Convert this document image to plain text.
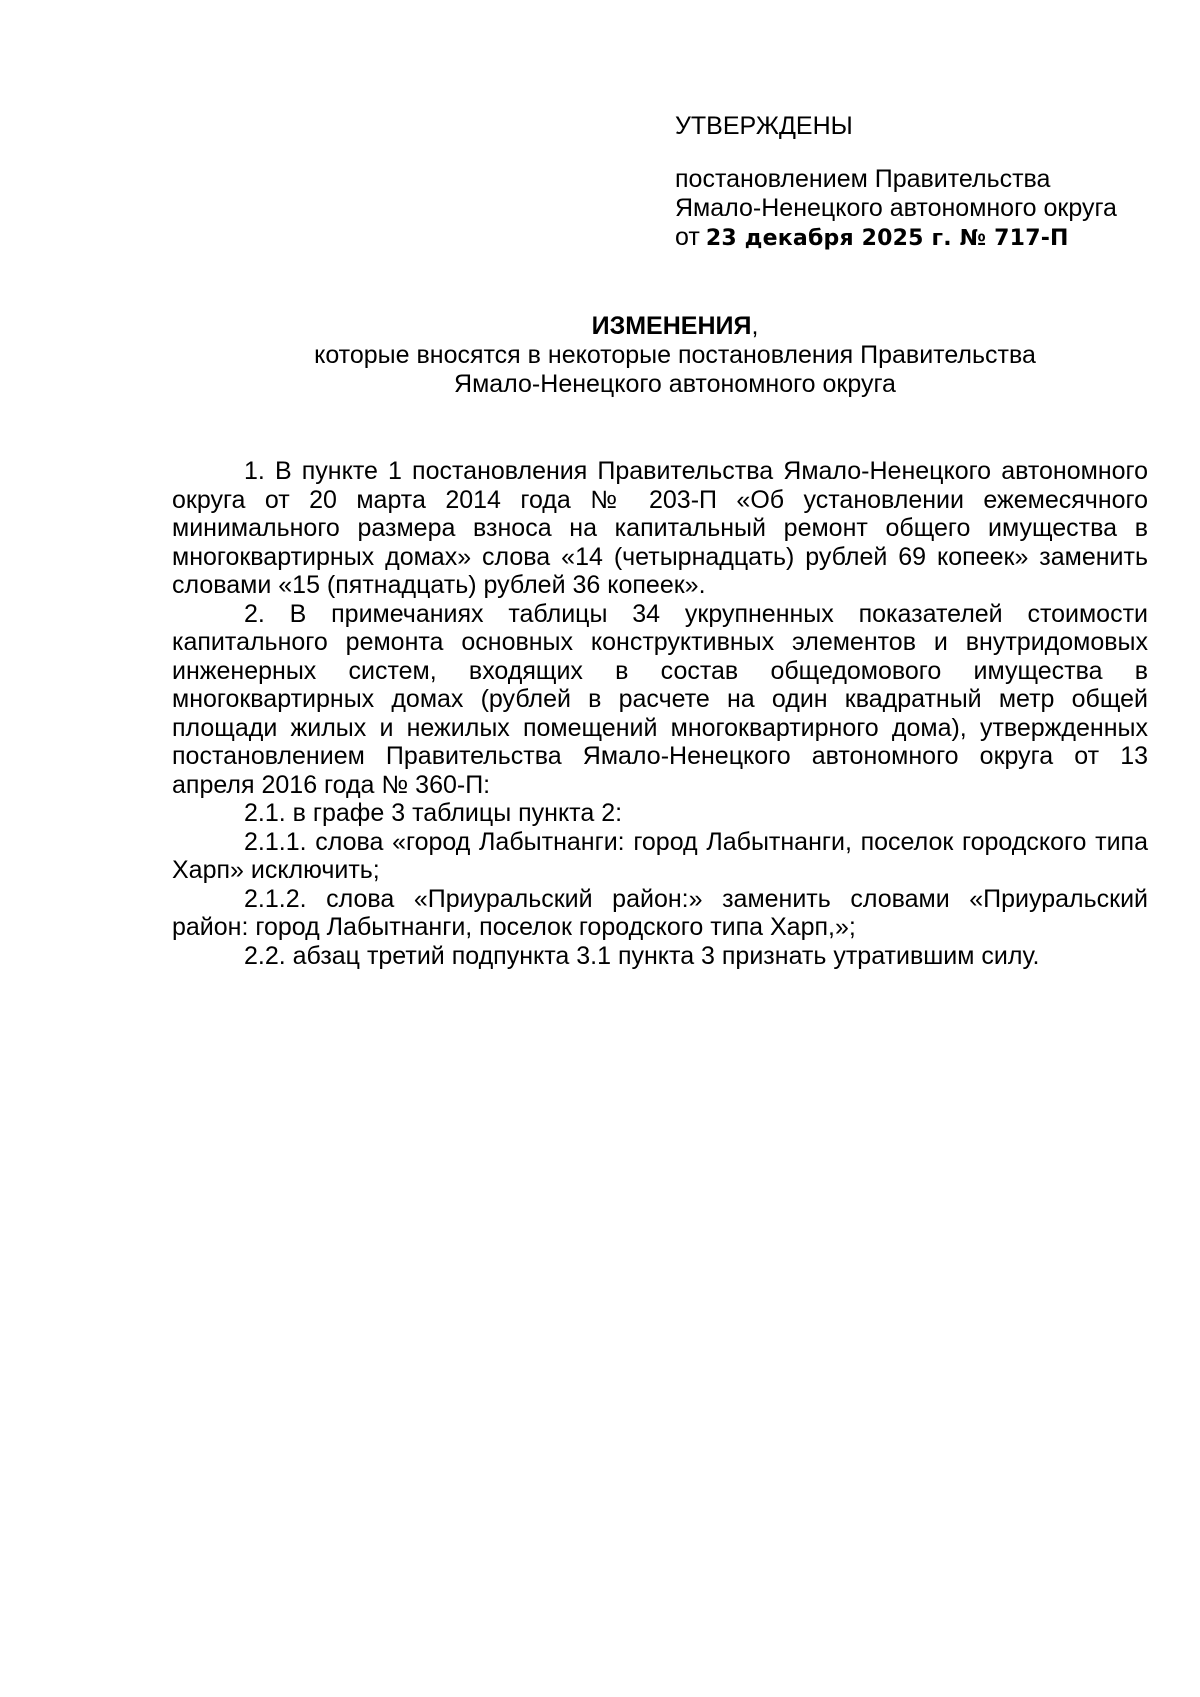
УТВЕРЖДЕНЫ
постановлением Правительства
Ямало-Ненецкого автономного округа
от 23 декабря 2025 г. № 717-П
ИЗМЕНЕНИЯ,
которые вносятся в некоторые постановления Правительства
Ямало-Ненецкого автономного округа

1. В пункте 1 постановления Правительства Ямало-Ненецкого автономного округа от 20 марта 2014 года № 203-П «Об установлении ежемесячного минимального размера взноса на капитальный ремонт общего имущества в многоквартирных домах» слова «14 (четырнадцать) рублей 69 копеек» заменить словами «15 (пятнадцать) рублей 36 копеек».

2. В примечаниях таблицы 34 укрупненных показателей стоимости капитального ремонта основных конструктивных элементов и внутридомовых инженерных систем, входящих в состав общедомового имущества в многоквартирных домах (рублей в расчете на один квадратный метр общей площади жилых и нежилых помещений многоквартирного дома), утвержденных постановлением Правительства Ямало-Ненецкого автономного округа от 13 апреля 2016 года № 360-П:

2.1. в графе 3 таблицы пункта 2:

2.1.1. слова «город Лабытнанги: город Лабытнанги, поселок городского типа Харп» исключить;

2.1.2. слова «Приуральский район:» заменить словами «Приуральский район: город Лабытнанги, поселок городского типа Харп,»;

2.2. абзац третий подпункта 3.1 пункта 3 признать утратившим силу.
